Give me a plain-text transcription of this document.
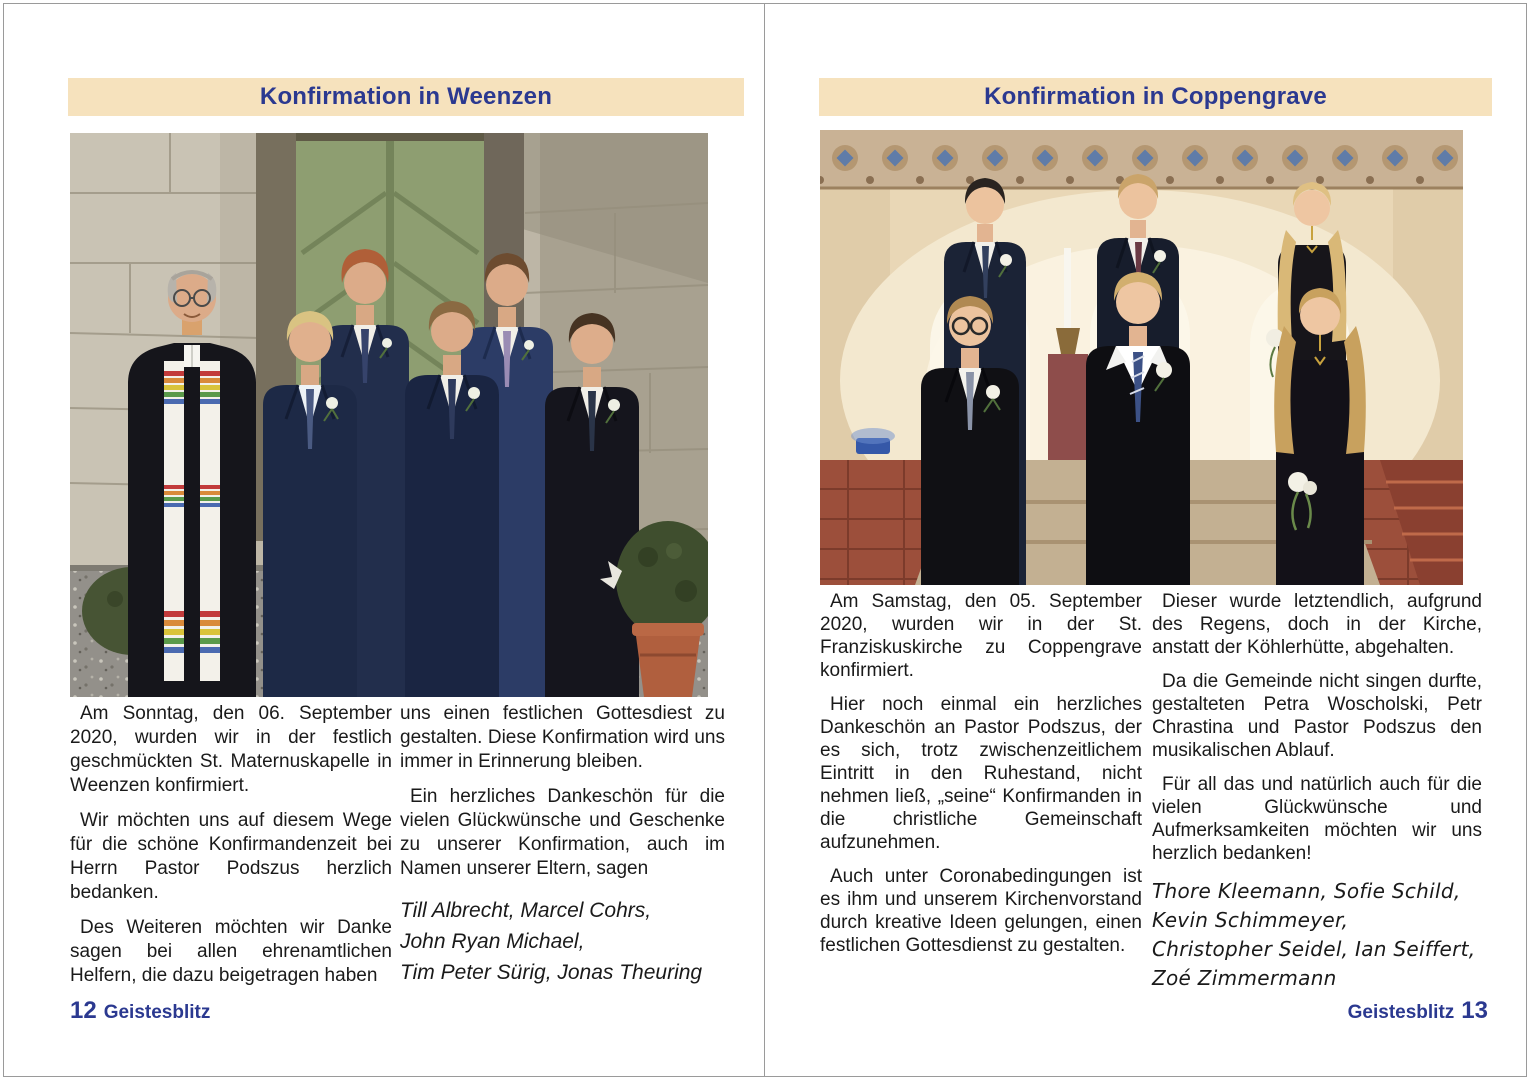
Konfirmation in Weenzen

Am Sonntag, den 06. September 2020, wurden wir in der festlich geschmückten St. Maternuskapelle in Weenzen konfirmiert.

Wir möchten uns auf diesem Wege für die schöne Konfirmandenzeit bei Herrn Pastor Podszus herzlich bedanken.

Des Weiteren möchten wir Danke sagen bei allen ehrenamtlichen Helfern, die dazu beigetragen haben

uns einen festlichen Gottesdiest zu gestalten. Diese Konfirmation wird uns immer in Erinnerung bleiben.

Ein herzliches Dankeschön für die vielen Glückwünsche und Geschenke zu unserer Konfirmation, auch im Namen unserer Eltern, sagen

Till Albrecht, Marcel Cohrs,
John Ryan Michael,
Tim Peter Sürig, Jonas Theuring
12 Geistesblitz
Konfirmation in Coppengrave

Am Samstag, den 05. September 2020, wurden wir in der St. Franziskuskirche zu Coppengrave konfirmiert.

Hier noch einmal ein herzliches Dankeschön an Pastor Podszus, der es sich, trotz zwischenzeitlichem Eintritt in den Ruhestand, nicht nehmen ließ, „seine“ Konfirmanden in die christliche Gemeinschaft aufzunehmen.

Auch unter Coronabedingungen ist es ihm und unserem Kirchenvorstand durch kreative Ideen gelungen, einen festlichen Gottesdienst zu gestalten.

Dieser wurde letztendlich, aufgrund des Regens, doch in der Kirche, anstatt der Köhlerhütte, abgehalten.

Da die Gemeinde nicht singen durfte, gestalteten Petra Woscholski, Petr Chrastina und Pastor Podszus den musikalischen Ablauf.

Für all das und natürlich auch für die vielen Glückwünsche und Aufmerksamkeiten möchten wir uns herzlich bedanken!

Thore Kleemann, Sofie Schild,
Kevin Schimmeyer,
Christopher Seidel, Ian Seiffert,
Zoé Zimmermann
Geistesblitz 13
